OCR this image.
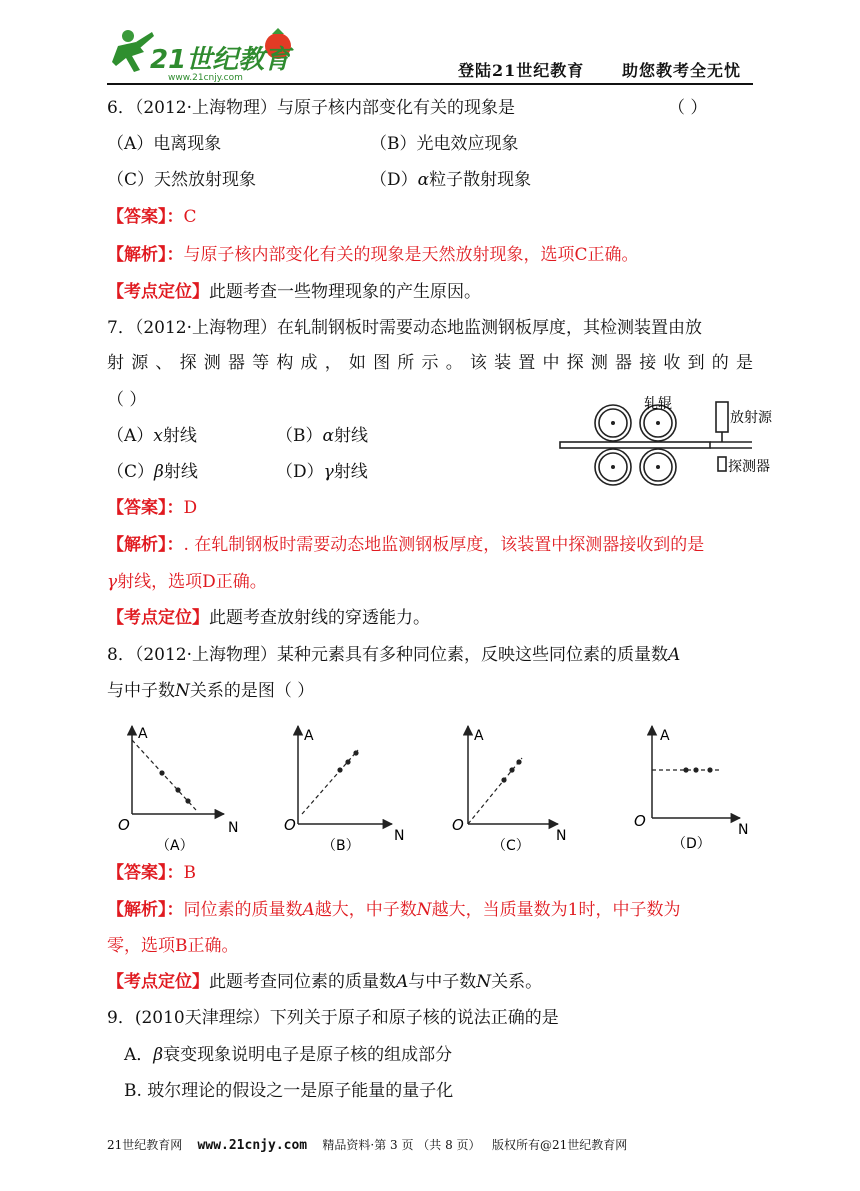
21世纪教育
www.21cnjy.com	登陆21世纪教育 助您教考全无忧
6．（2012·上海物理）与原子核内部变化有关的现象是	（ ）
（A）电离现象	（B）光电效应现象
（C）天然放射现象	（D）α粒子散射现象
【答案】：C
【解析】：与原子核内部变化有关的现象是天然放射现象，选项C正确。
【考点定位】此题考查一些物理现象的产生原因。
7．（2012·上海物理）在轧制钢板时需要动态地监测钢板厚度，其检测装置由放
射源、探测器等构成，如图所示。该装置中探测器接收到的是
（ ）
（A）x射线	（B）α射线
（C）β射线	（D）γ射线
轧辊
放射源
探测器
【答案】：D
【解析】：. 在轧制钢板时需要动态地监测钢板厚度，该装置中探测器接收到的是
γ射线，选项D正确。
【考点定位】此题考查放射线的穿透能力。
8．（2012·上海物理）某种元素具有多种同位素，反映这些同位素的质量数A
与中子数N关系的是图（ ）
A
N
O
（A）
A
N
O
（B）
A
N
O
（C）
A
N
O
（D）
【答案】：B
【解析】：同位素的质量数A越大，中子数N越大，当质量数为1时，中子数为
零，选项B正确。
【考点定位】此题考查同位素的质量数A与中子数N关系。
9．(2010天津理综）下列关于原子和原子核的说法正确的是
A．β衰变现象说明电子是原子核的组成部分
B. 玻尔理论的假设之一是原子能量的量子化
21世纪教育网 www.21cnjy.com 精品资料·第 3 页 （共 8 页） 版权所有@21世纪教育网
